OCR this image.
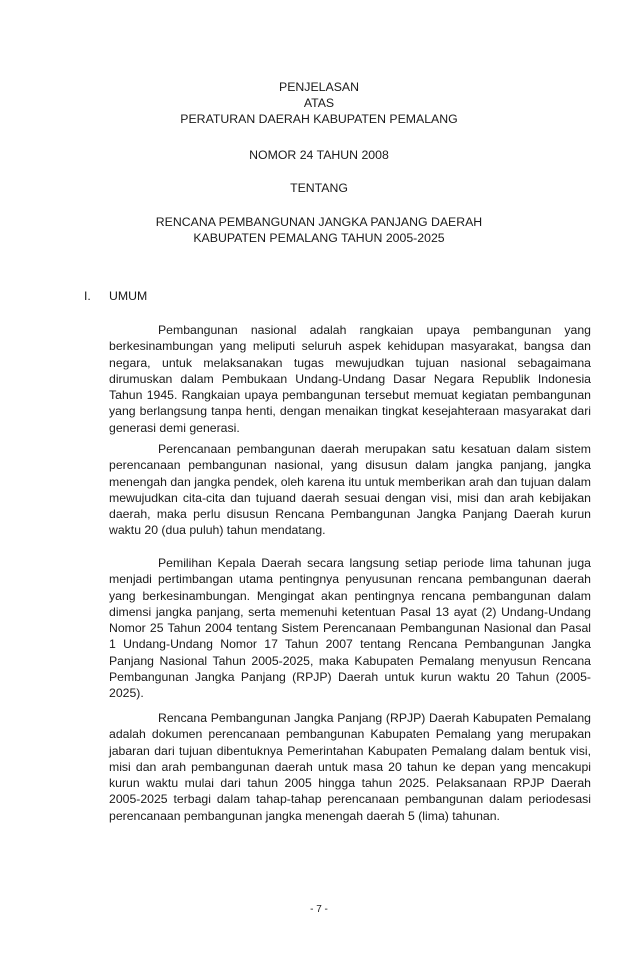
PENJELASAN
ATAS
PERATURAN DAERAH KABUPATEN PEMALANG
NOMOR 24 TAHUN 2008
TENTANG
RENCANA PEMBANGUNAN JANGKA PANJANG DAERAH
KABUPATEN PEMALANG TAHUN 2005-2025
I. UMUM

Pembangunan nasional adalah rangkaian upaya pembangunan yang berkesinambungan yang meliputi seluruh aspek kehidupan masyarakat, bangsa dan negara, untuk melaksanakan tugas mewujudkan tujuan nasional sebagaimana dirumuskan dalam Pembukaan Undang-Undang Dasar Negara Republik Indonesia Tahun 1945. Rangkaian upaya pembangunan tersebut memuat kegiatan pembangunan yang berlangsung tanpa henti, dengan menaikan tingkat kesejahteraan masyarakat dari generasi demi generasi.

Perencanaan pembangunan daerah merupakan satu kesatuan dalam sistem perencanaan pembangunan nasional, yang disusun dalam jangka panjang, jangka menengah dan jangka pendek, oleh karena itu untuk memberikan arah dan tujuan dalam mewujudkan cita-cita dan tujuand daerah sesuai dengan visi, misi dan arah kebijakan daerah, maka perlu disusun Rencana Pembangunan Jangka Panjang Daerah kurun waktu 20 (dua puluh) tahun mendatang.

Pemilihan Kepala Daerah secara langsung setiap periode lima tahunan juga menjadi pertimbangan utama pentingnya penyusunan rencana pembangunan daerah yang berkesinambungan. Mengingat akan pentingnya rencana pembangunan dalam dimensi jangka panjang, serta memenuhi ketentuan Pasal 13 ayat (2) Undang-Undang Nomor 25 Tahun 2004 tentang Sistem Perencanaan Pembangunan Nasional dan Pasal 1 Undang-Undang Nomor 17 Tahun 2007 tentang Rencana Pembangunan Jangka Panjang Nasional Tahun 2005-2025, maka Kabupaten Pemalang menyusun Rencana Pembangunan Jangka Panjang (RPJP) Daerah untuk kurun waktu 20 Tahun (2005-2025).

Rencana Pembangunan Jangka Panjang (RPJP) Daerah Kabupaten Pemalang adalah dokumen perencanaan pembangunan Kabupaten Pemalang yang merupakan jabaran dari tujuan dibentuknya Pemerintahan Kabupaten Pemalang dalam bentuk visi, misi dan arah pembangunan daerah untuk masa 20 tahun ke depan yang mencakupi kurun waktu mulai dari tahun 2005 hingga tahun 2025. Pelaksanaan RPJP Daerah 2005-2025 terbagi dalam tahap-tahap perencanaan pembangunan dalam periodesasi perencanaan pembangunan jangka menengah daerah 5 (lima) tahunan.

- 7 -
